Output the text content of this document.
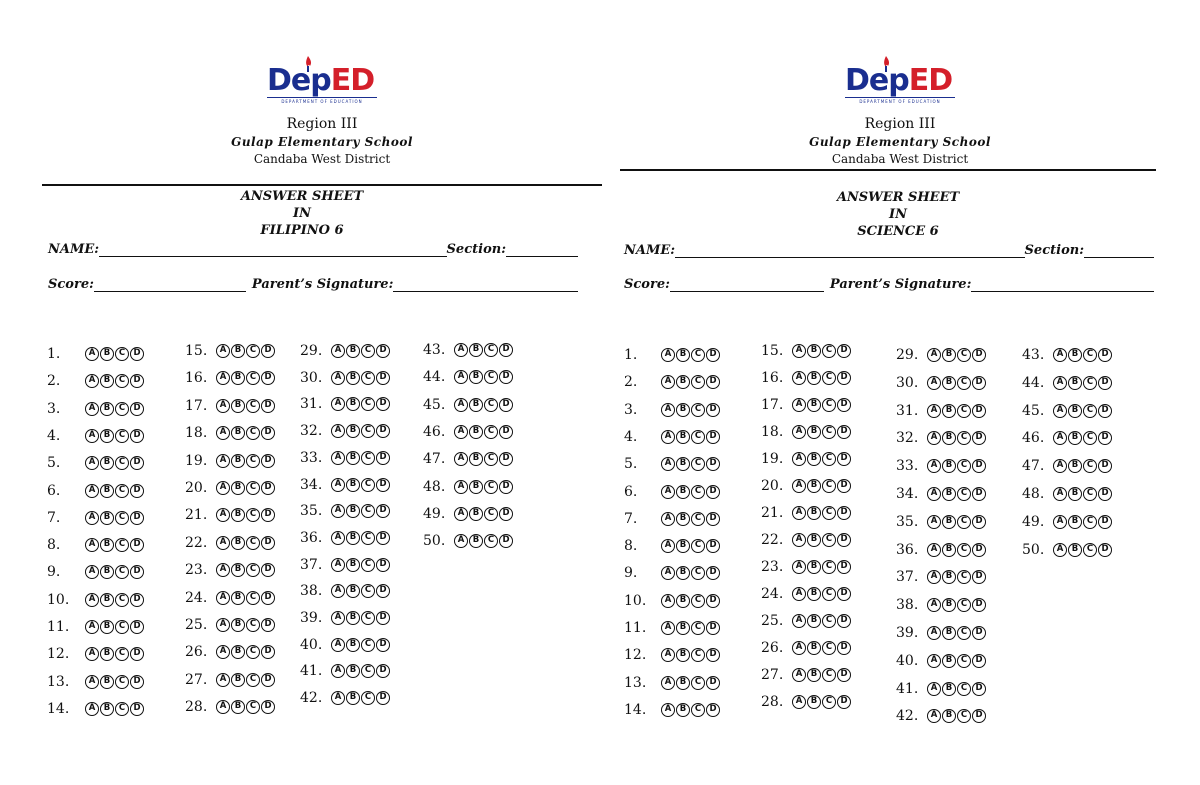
DepED
DEPARTMENT OF EDUCATION
Region III
Gulap Elementary School
Candaba West District
ANSWER SHEET
IN
FILIPINO 6
NAME:	Section:
Score:	Parent’s Signature:
1.	A B	C D
2.	A B	C D
3.	A B	C D
4.	A B	C D
5.	A B	C D
6.	A B	C D
7.	A B	C D
8.	A B	C D
9.	A B	C D
10.	A B	C D
11.	A B	C D
12.	A B	C D
13.	A B	C D
14.	A B	C D
15.	A B	C D
16.	A B	C D
17.	A B	C D
18.	A B	C D
19.	A B	C D
20.	A B	C D
21.	A B	C D
22.	A B	C D
23.	A B	C D
24.	A B	C D
25.	A B	C D
26.	A B	C D
27.	A B	C D
28.	A B	C D
29.	A B	C D
30.	A B	C D
31.	A B	C D
32.	A B	C D
33.	A B	C D
34.	A B	C D
35.	A B	C D
36.	A B	C D
37.	A B	C D
38.	A B	C D
39.	A B	C D
40.	A B	C D
41.	A B	C D
42.	A B	C D
43.	A B	C D
44.	A B	C D
45.	A B	C D
46.	A B	C D
47.	A B	C D
48.	A B	C D
49.	A B	C D
50.	A B	C D
DepED
DEPARTMENT OF EDUCATION
Region III
Gulap Elementary School
Candaba West District
ANSWER SHEET
IN
SCIENCE 6
NAME:	Section:
Score:	Parent’s Signature:
1.	A B	C D
2.	A B	C D
3.	A B	C D
4.	A B	C D
5.	A B	C D
6.	A B	C D
7.	A B	C D
8.	A B	C D
9.	A B	C D
10.	A B	C D
11.	A B	C D
12.	A B	C D
13.	A B	C D
14.	A B	C D
15.	A B	C D
16.	A B	C D
17.	A B	C D
18.	A B	C D
19.	A B	C D
20.	A B	C D
21.	A B	C D
22.	A B	C D
23.	A B	C D
24.	A B	C D
25.	A B	C D
26.	A B	C D
27.	A B	C D
28.	A B	C D
29.	A B	C D
30.	A B	C D
31.	A B	C D
32.	A B	C D
33.	A B	C D
34.	A B	C D
35.	A B	C D
36.	A B	C D
37.	A B	C D
38.	A B	C D
39.	A B	C D
40.	A B	C D
41.	A B	C D
42.	A B	C D
43.	A B	C D
44.	A B	C D
45.	A B	C D
46.	A B	C D
47.	A B	C D
48.	A B	C D
49.	A B	C D
50.	A B	C D
